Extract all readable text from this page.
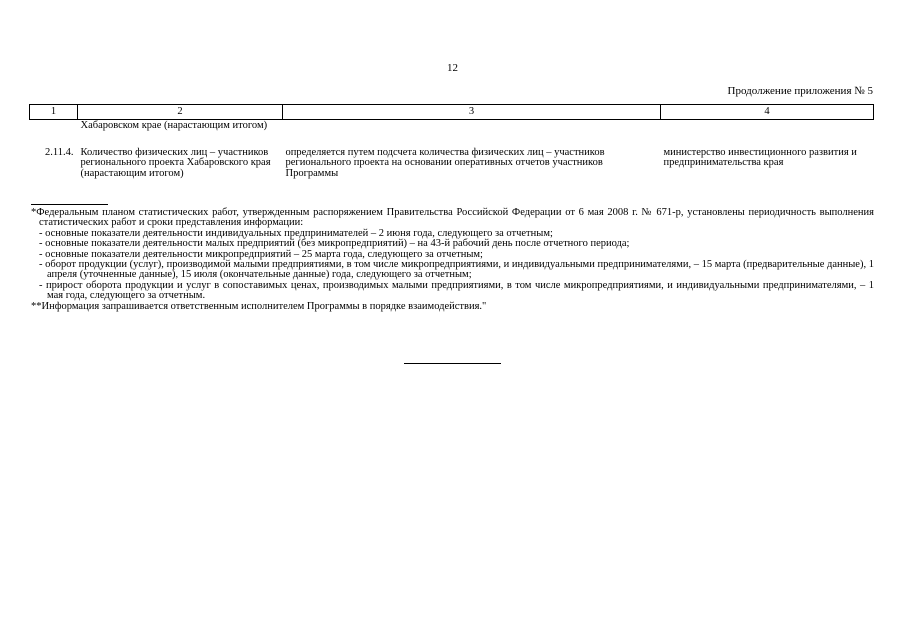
12
Продолжение приложения № 5
1	2	3	4
	Хабаровском крае (нарастающим итогом)		
2.11.4.	Количество физических лиц – участников регионального проекта Хабаровского края (нарастающим итогом)	определяется путем подсчета количества физических лиц – участников регионального проекта на основании оперативных отчетов участников Программы	министерство инвестиционного развития и предпринимательства края

*Федеральным планом статистических работ, утвержденным распоряжением Правительства Российской Федерации от 6 мая 2008 г. № 671-р, установлены периодичность выполнения статистических работ и сроки представления информации:

- основные показатели деятельности индивидуальных предпринимателей – 2 июня года, следующего за отчетным;

- основные показатели деятельности малых предприятий (без микропредприятий) – на 43-й рабочий день после отчетного периода;

- основные показатели деятельности микропредприятий – 25 марта года, следующего за отчетным;

- оборот продукции (услуг), производимой малыми предприятиями, в том числе микропредприятиями, и индивидуальными предпринимателями, – 15 марта (предварительные данные), 1 апреля (уточненные данные), 15 июля (окончательные данные) года, следующего за отчетным;

- прирост оборота продукции и услуг в сопоставимых ценах, производимых малыми предприятиями, в том числе микропредприятиями, и индивидуальными предпринимателями, – 1 мая года, следующего за отчетным.

**Информация запрашивается ответственным исполнителем Программы в порядке взаимодействия."
